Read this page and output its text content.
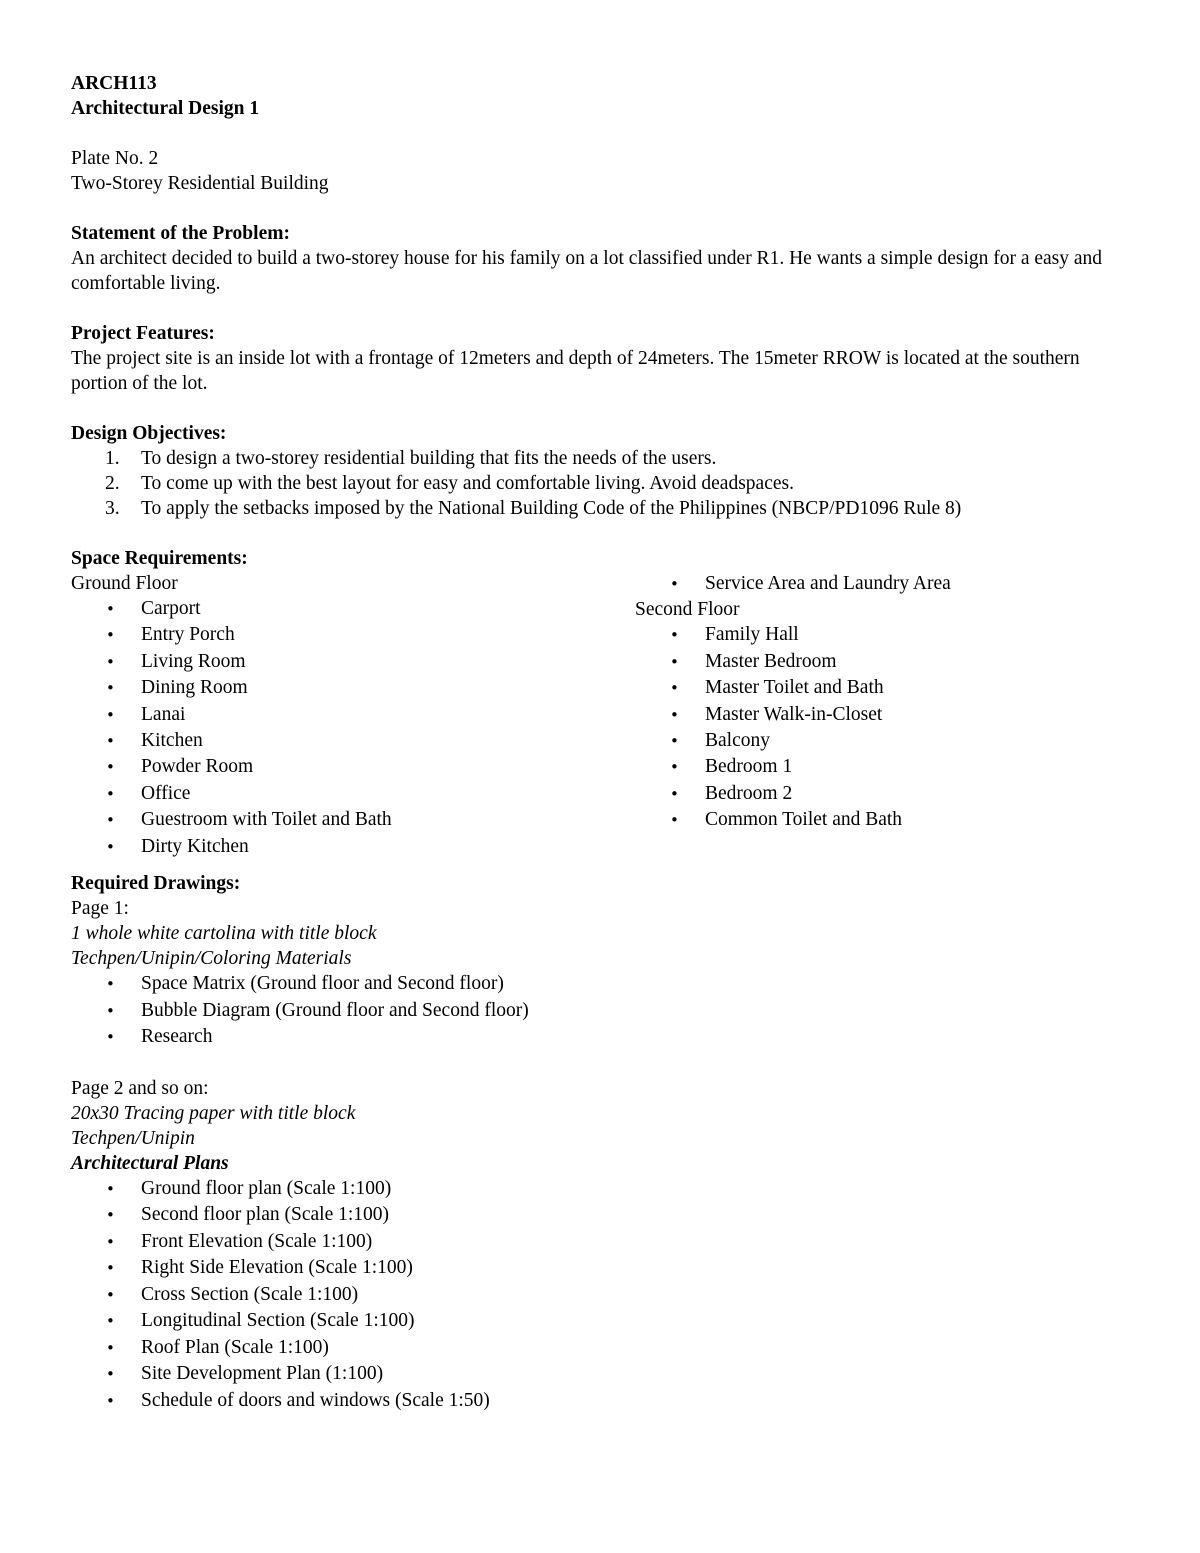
ARCH113
Architectural Design 1
Plate No. 2
Two-Storey Residential Building
Statement of the Problem:

An architect decided to build a two-storey house for his family on a lot classified under R1. He wants a simple design for a easy and comfortable living.

Project Features:

The project site is an inside lot with a frontage of 12meters and depth of 24meters. The 15meter RROW is located at the southern portion of the lot.

Design Objectives:
1. To design a two-storey residential building that fits the needs of the users.
2. To come up with the best layout for easy and comfortable living. Avoid deadspaces.
3. To apply the setbacks imposed by the National Building Code of the Philippines (NBCP/PD1096 Rule 8)
Space Requirements:
Ground Floor
• Carport
• Entry Porch
• Living Room
• Dining Room
• Lanai
• Kitchen
• Powder Room
• Office
• Guestroom with Toilet and Bath
• Dirty Kitchen
• Service Area and Laundry Area
Second Floor
• Family Hall
• Master Bedroom
• Master Toilet and Bath
• Master Walk-in-Closet
• Balcony
• Bedroom 1
• Bedroom 2
• Common Toilet and Bath
Required Drawings:
Page 1:
1 whole white cartolina with title block
Techpen/Unipin/Coloring Materials
• Space Matrix (Ground floor and Second floor)
• Bubble Diagram (Ground floor and Second floor)
• Research
Page 2 and so on:
20x30 Tracing paper with title block
Techpen/Unipin
Architectural Plans
• Ground floor plan (Scale 1:100)
• Second floor plan (Scale 1:100)
• Front Elevation (Scale 1:100)
• Right Side Elevation (Scale 1:100)
• Cross Section (Scale 1:100)
• Longitudinal Section (Scale 1:100)
• Roof Plan (Scale 1:100)
• Site Development Plan (1:100)
• Schedule of doors and windows (Scale 1:50)
